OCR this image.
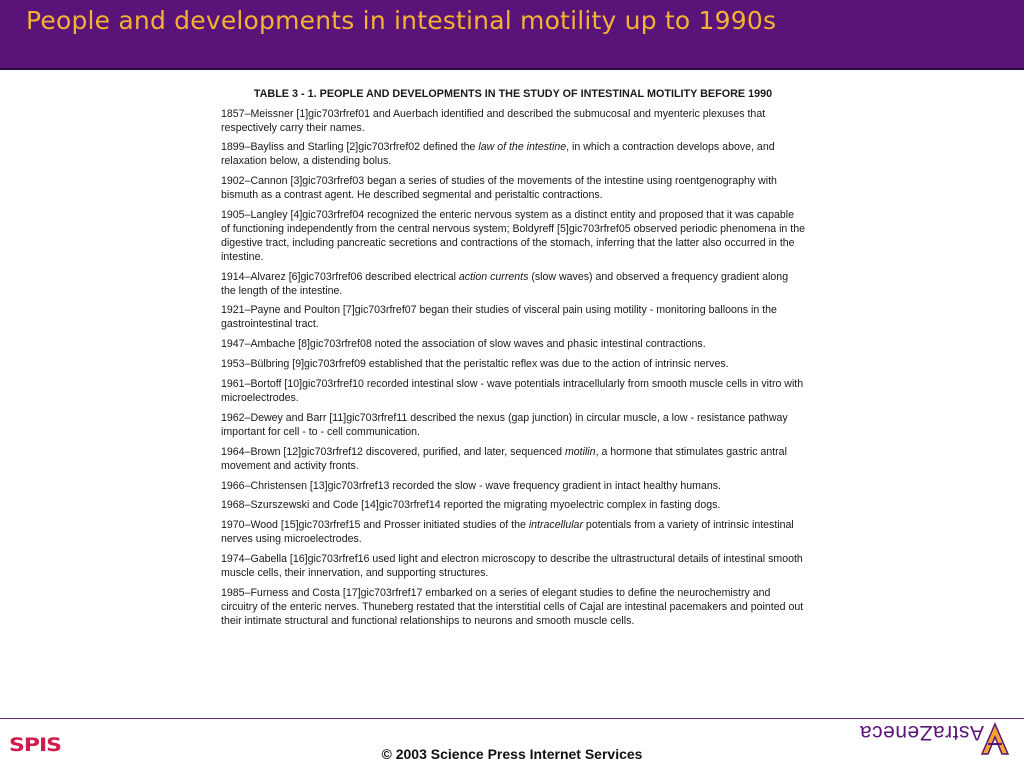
People and developments in intestinal motility up to 1990s
TABLE 3 - 1. PEOPLE AND DEVELOPMENTS IN THE STUDY OF INTESTINAL MOTILITY BEFORE 1990
1857–Meissner [1]gic703rfref01 and Auerbach identified and described the submucosal and myenteric plexuses that respectively carry their names.
1899–Bayliss and Starling [2]gic703rfref02 defined the law of the intestine, in which a contraction develops above, and relaxation below, a distending bolus.
1902–Cannon [3]gic703rfref03 began a series of studies of the movements of the intestine using roentgenography with bismuth as a contrast agent. He described segmental and peristaltic contractions.
1905–Langley [4]gic703rfref04 recognized the enteric nervous system as a distinct entity and proposed that it was capable of functioning independently from the central nervous system; Boldyreff [5]gic703rfref05 observed periodic phenomena in the digestive tract, including pancreatic secretions and contractions of the stomach, inferring that the latter also occurred in the intestine.
1914–Alvarez [6]gic703rfref06 described electrical action currents (slow waves) and observed a frequency gradient along the length of the intestine.
1921–Payne and Poulton [7]gic703rfref07 began their studies of visceral pain using motility - monitoring balloons in the gastrointestinal tract.
1947–Ambache [8]gic703rfref08 noted the association of slow waves and phasic intestinal contractions.
1953–Bülbring [9]gic703rfref09 established that the peristaltic reflex was due to the action of intrinsic nerves.
1961–Bortoff [10]gic703rfref10 recorded intestinal slow - wave potentials intracellularly from smooth muscle cells in vitro with microelectrodes.
1962–Dewey and Barr [11]gic703rfref11 described the nexus (gap junction) in circular muscle, a low - resistance pathway important for cell - to - cell communication.
1964–Brown [12]gic703rfref12 discovered, purified, and later, sequenced motilin, a hormone that stimulates gastric antral movement and activity fronts.
1966–Christensen [13]gic703rfref13 recorded the slow - wave frequency gradient in intact healthy humans.
1968–Szurszewski and Code [14]gic703rfref14 reported the migrating myoelectric complex in fasting dogs.
1970–Wood [15]gic703rfref15 and Prosser initiated studies of the intracellular potentials from a variety of intrinsic intestinal nerves using microelectrodes.
1974–Gabella [16]gic703rfref16 used light and electron microscopy to describe the ultrastructural details of intestinal smooth muscle cells, their innervation, and supporting structures.
1985–Furness and Costa [17]gic703rfref17 embarked on a series of elegant studies to define the neurochemistry and circuitry of the enteric nerves. Thuneberg restated that the interstitial cells of Cajal are intestinal pacemakers and pointed out their intimate structural and functional relationships to neurons and smooth muscle cells.
SPIS	© 2003 Science Press Internet Services
AstraZeneca
